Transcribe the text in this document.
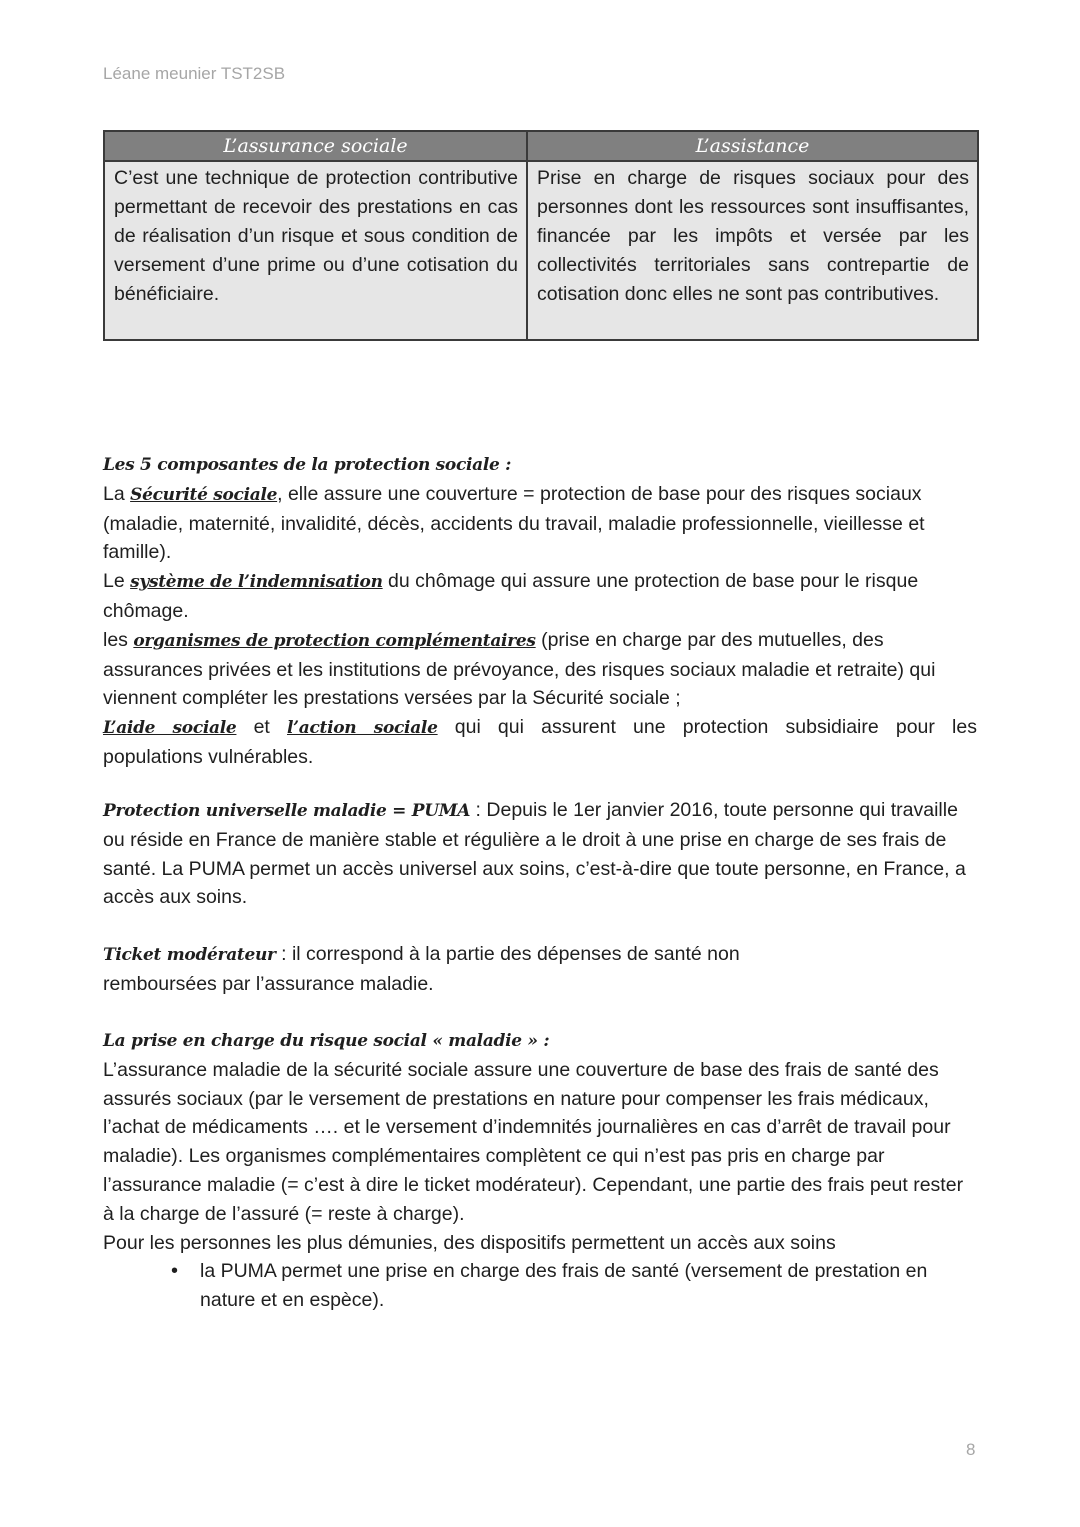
Léane meunier TST2SB
L’assurance sociale	L’assistance
C’est une technique de protection contributive permettant de recevoir des prestations en cas de réalisation d’un risque et sous condition de versement d’une prime ou d’une cotisation du bénéficiaire.	Prise en charge de risques sociaux pour des personnes dont les ressources sont insuffisantes, financée par les impôts et versée par les collectivités territoriales sans contrepartie de cotisation donc elles ne sont pas contributives.

Les 5 composantes de la protection sociale :

La Sécurité sociale, elle assure une couverture = protection de base pour des risques sociaux (maladie, maternité, invalidité, décès, accidents du travail, maladie professionnelle, vieillesse et famille).

Le système de l’indemnisation du chômage qui assure une protection de base pour le risque chômage.

les organismes de protection complémentaires (prise en charge par des mutuelles, des assurances privées et les institutions de prévoyance, des risques sociaux maladie et retraite) qui viennent compléter les prestations versées par la Sécurité sociale ;

L’aide sociale et l’action sociale qui qui assurent une protection subsidiaire pour les

populations vulnérables.

Protection universelle maladie = PUMA : Depuis le 1er janvier 2016, toute personne qui travaille ou réside en France de manière stable et régulière a le droit à une prise en charge de ses frais de santé. La PUMA permet un accès universel aux soins, c’est-à-dire que toute personne, en France, a accès aux soins.

Ticket modérateur : il correspond à la partie des dépenses de santé non

remboursées par l’assurance maladie.

La prise en charge du risque social « maladie » :

L’assurance maladie de la sécurité sociale assure une couverture de base des frais de santé des assurés sociaux (par le versement de prestations en nature pour compenser les frais médicaux, l’achat de médicaments …. et le versement d’indemnités journalières en cas d’arrêt de travail pour maladie). Les organismes complémentaires complètent ce qui n’est pas pris en charge par l’assurance maladie (= c’est à dire le ticket modérateur). Cependant, une partie des frais peut rester à la charge de l’assuré (= reste à charge).

Pour les personnes les plus démunies, des dispositifs permettent un accès aux soins

• la PUMA permet une prise en charge des frais de santé (versement de prestation en nature et en espèce).
8
